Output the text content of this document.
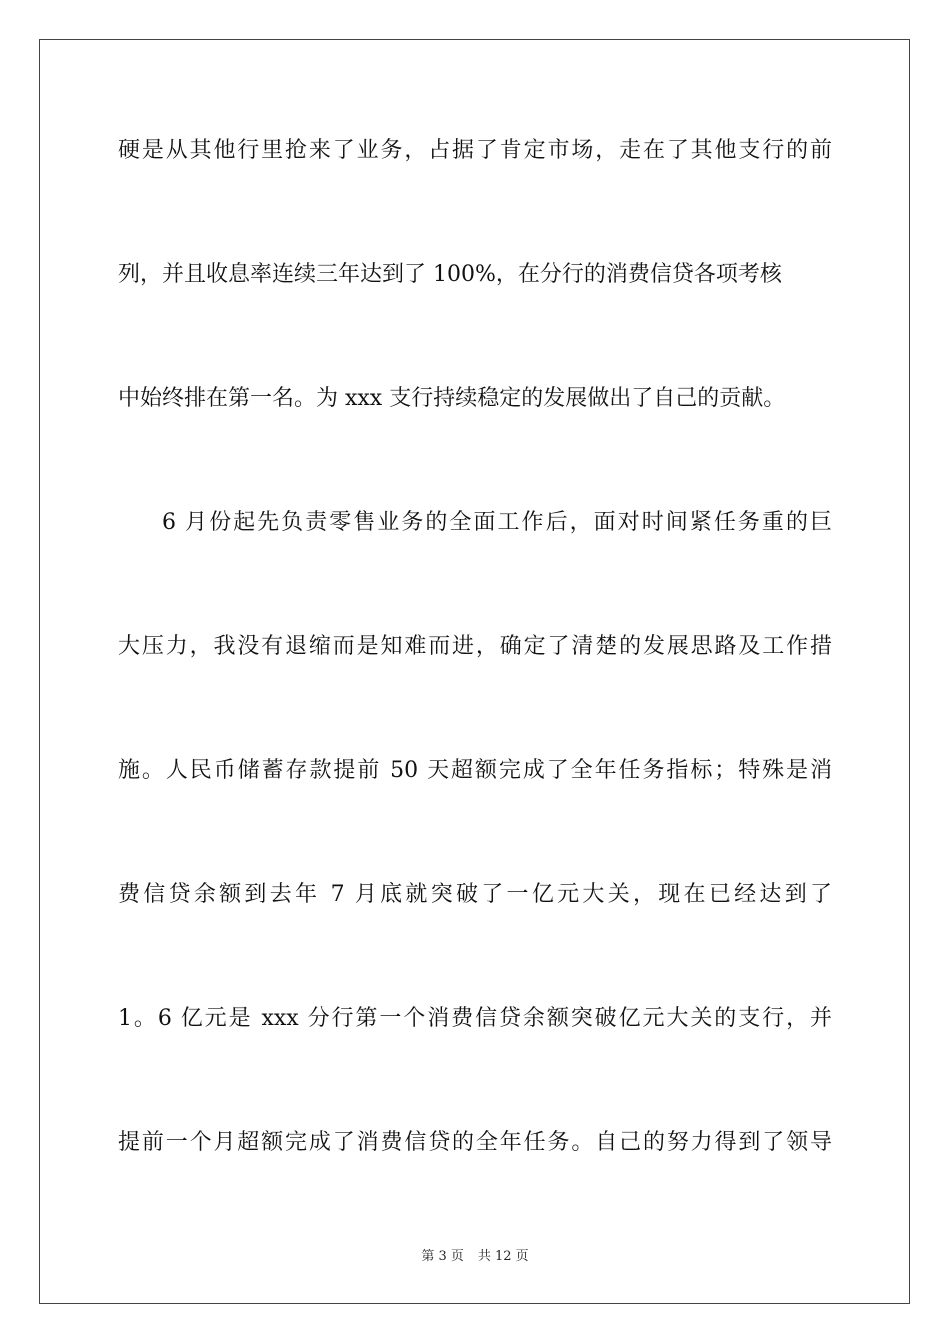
硬是从其他行里抢来了业务，占据了肯定市场，走在了其他支行的前
列，并且收息率连续三年达到了 100%，在分行的消费信贷各项考核
中始终排在第一名。为 xxx 支行持续稳定的发展做出了自己的贡献。
6 月份起先负责零售业务的全面工作后，面对时间紧任务重的巨
大压力，我没有退缩而是知难而进，确定了清楚的发展思路及工作措
施。人民币储蓄存款提前 50 天超额完成了全年任务指标；特殊是消
费信贷余额到去年 7 月底就突破了一亿元大关，现在已经达到了
1。6 亿元是 xxx 分行第一个消费信贷余额突破亿元大关的支行，并
提前一个月超额完成了消费信贷的全年任务。自己的努力得到了领导
第 3 页 共 12 页
